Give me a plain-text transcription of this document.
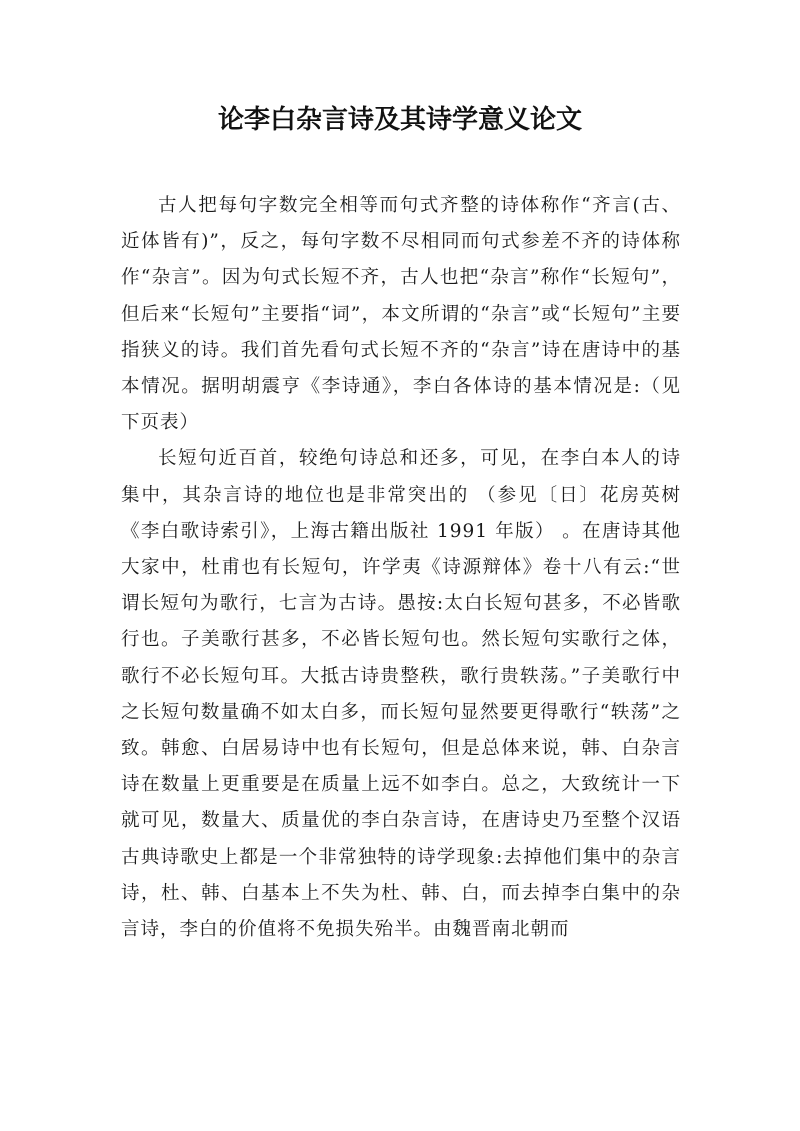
论李白杂言诗及其诗学意义论文

古人把每句字数完全相等而句式齐整的诗体称作“齐言(古、近体皆有)”，反之，每句字数不尽相同而句式参差不齐的诗体称作“杂言”。因为句式长短不齐，古人也把“杂言”称作“长短句”，但后来“长短句”主要指“词”，本文所谓的“杂言”或“长短句”主要指狭义的诗。我们首先看句式长短不齐的“杂言”诗在唐诗中的基本情况。据明胡震亨《李诗通》，李白各体诗的基本情况是:（见下页表）

长短句近百首，较绝句诗总和还多，可见，在李白本人的诗集中，其杂言诗的地位也是非常突出的 （参见〔日〕花房英树《李白歌诗索引》，上海古籍出版社 1991 年版） 。在唐诗其他大家中，杜甫也有长短句，许学夷《诗源辩体》卷十八有云:“世谓长短句为歌行，七言为古诗。愚按:太白长短句甚多，不必皆歌行也。子美歌行甚多，不必皆长短句也。然长短句实歌行之体，歌行不必长短句耳。大抵古诗贵整秩，歌行贵轶荡。”子美歌行中之长短句数量确不如太白多，而长短句显然要更得歌行“轶荡”之致。韩愈、白居易诗中也有长短句，但是总体来说，韩、白杂言诗在数量上更重要是在质量上远不如李白。总之，大致统计一下就可见，数量大、质量优的李白杂言诗，在唐诗史乃至整个汉语古典诗歌史上都是一个非常独特的诗学现象:去掉他们集中的杂言诗，杜、韩、白基本上不失为杜、韩、白，而去掉李白集中的杂言诗，李白的价值将不免损失殆半。由魏晋南北朝而
